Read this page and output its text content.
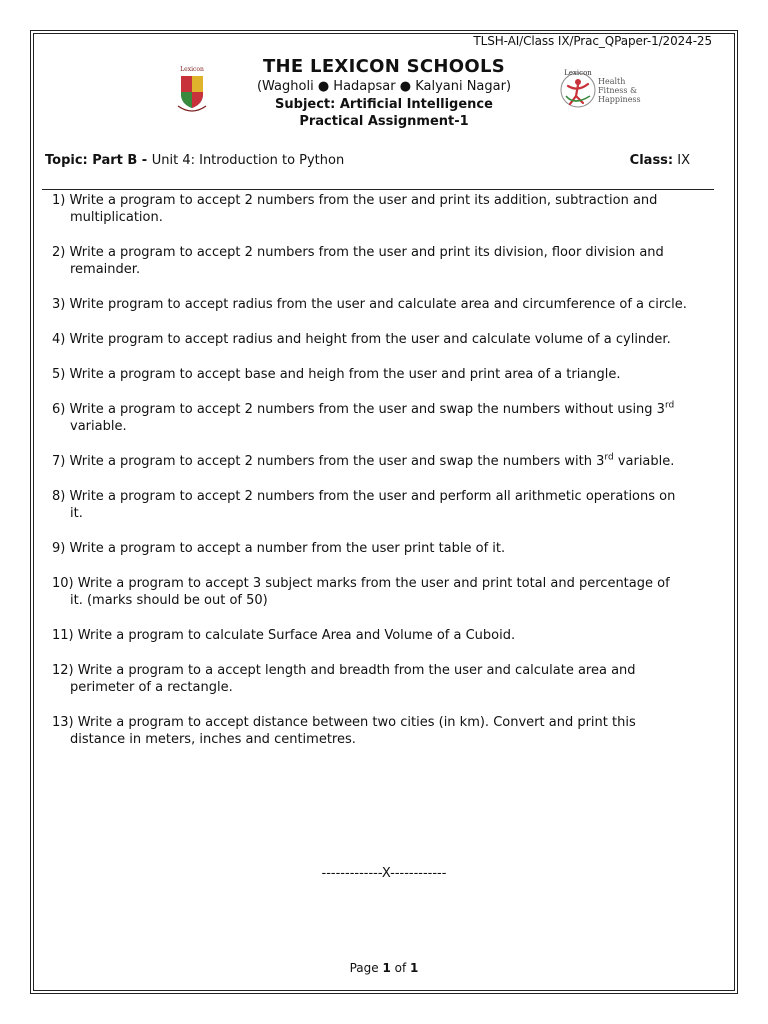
TLSH-AI/Class IX/Prac_QPaper-1/2024-25
Lexicon	THE LEXICON SCHOOLS
(Wagholi ● Hadapsar ● Kalyani Nagar)
Subject: Artificial Intelligence
Practical Assignment-1
Lexicon
Health
Fitness &
Happiness
Topic: Part B - Unit 4: Introduction to Python	Class: IX
1) Write a program to accept 2 numbers from the user and print its addition, subtraction and
multiplication.
2) Write a program to accept 2 numbers from the user and print its division, floor division and
remainder.
3) Write program to accept radius from the user and calculate area and circumference of a circle.
4) Write program to accept radius and height from the user and calculate volume of a cylinder.
5) Write a program to accept base and heigh from the user and print area of a triangle.
6) Write a program to accept 2 numbers from the user and swap the numbers without using 3rd
variable.
7) Write a program to accept 2 numbers from the user and swap the numbers with 3rd variable.
8) Write a program to accept 2 numbers from the user and perform all arithmetic operations on
it.
9) Write a program to accept a number from the user print table of it.
10) Write a program to accept 3 subject marks from the user and print total and percentage of
it. (marks should be out of 50)
11) Write a program to calculate Surface Area and Volume of a Cuboid.
12) Write a program to a accept length and breadth from the user and calculate area and
perimeter of a rectangle.
13) Write a program to accept distance between two cities (in km). Convert and print this
distance in meters, inches and centimetres.
-------------X------------
Page 1 of 1
